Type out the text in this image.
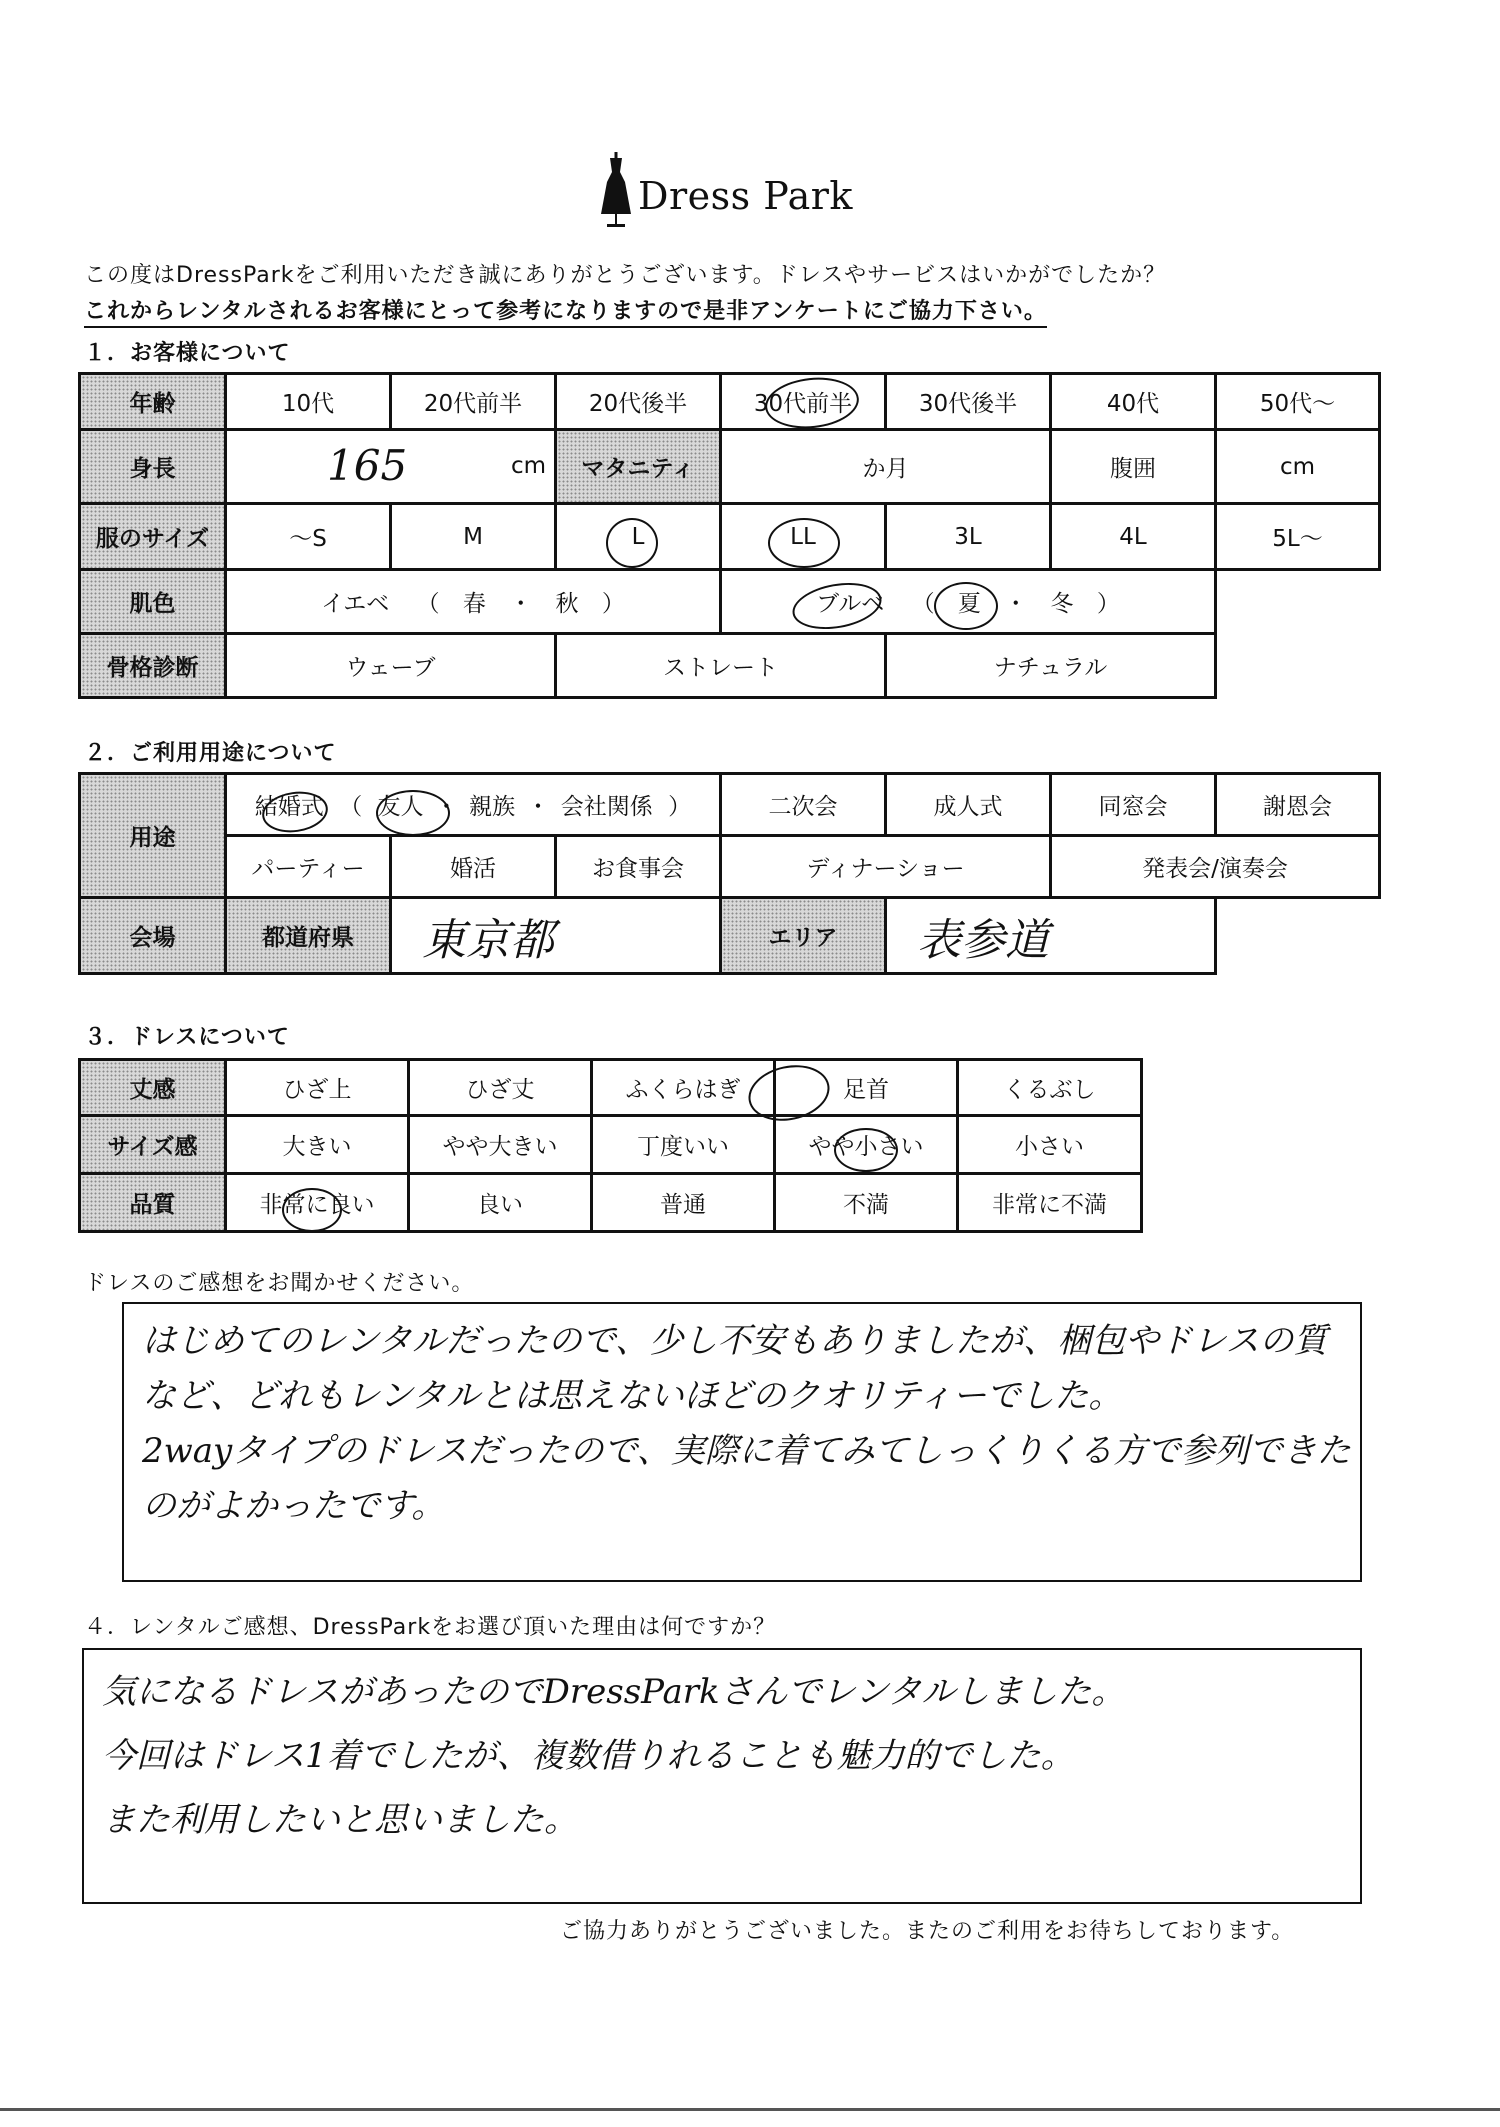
Dress Park
この度はDressParkをご利用いただき誠にありがとうございます。ドレスやサービスはいかがでしたか？
これからレンタルされるお客様にとって参考になりますので是非アンケートにご協力下さい。
１．お客様について
年齢	10代	20代前半	20代後半	30代前半	30代後半	40代	50代～
身長	165 cm		マタニティ	か月		腹囲	cm
服のサイズ	～S	M	L	LL	3L	4L	5L～
肌色	イエベ （ 春 ・ 秋 ）			ブルベ （ 夏 ・ 冬 ）			
骨格診断	ウェーブ		ストレート		ナチュラル		
２．ご利用用途について
用途	結婚式 （ 友人 ・ 親族 ・ 会社関係 ）			二次会	成人式	同窓会	謝恩会
	パーティー	婚活	お食事会	ディナーショー		発表会/演奏会	
会場	都道府県	東京都		エリア	表参道		
３．ドレスについて
丈感	ひざ上	ひざ丈	ふくらはぎ	足首	くるぶし
サイズ感	大きい	やや大きい	丁度いい	やや小さい	小さい
品質	非常に良い	良い	普通	不満	非常に不満
ドレスのご感想をお聞かせください。
はじめてのレンタルだったので、少し不安もありましたが、梱包やドレスの質など、どれもレンタルとは思えないほどのクオリティーでした。
2wayタイプのドレスだったので、実際に着てみてしっくりくる方で参列できたのがよかったです。
４．レンタルご感想、DressParkをお選び頂いた理由は何ですか？
気になるドレスがあったのでDressParkさんでレンタルしました。
今回はドレス1着でしたが、複数借りれることも魅力的でした。
また利用したいと思いました。
ご協力ありがとうございました。またのご利用をお待ちしております。
